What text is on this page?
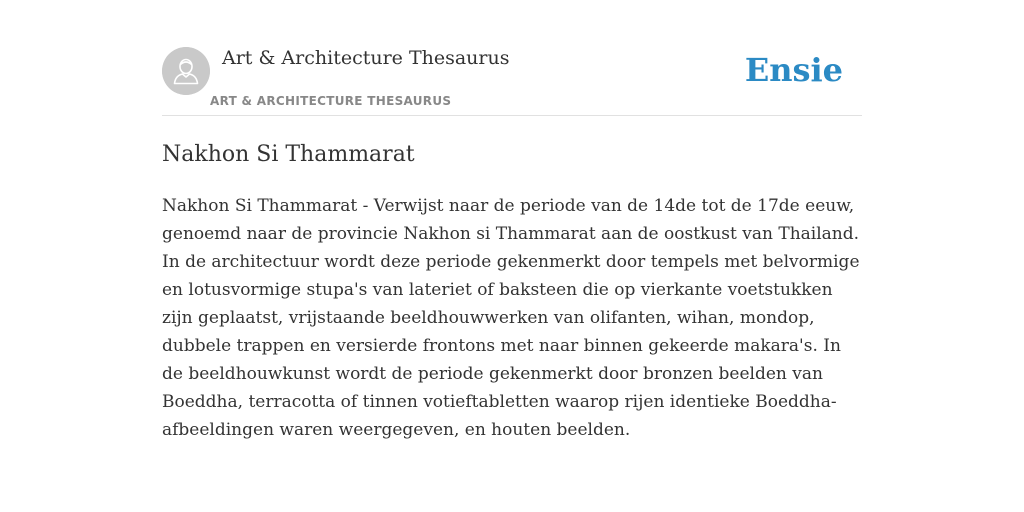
Art & Architecture Thesaurus
ART & ARCHITECTURE THESAURUS
Ensie
Nakhon Si Thammarat

Nakhon Si Thammarat - Verwijst naar de periode van de 14de tot de 17de eeuw, genoemd naar de provincie Nakhon si Thammarat aan de oostkust van Thailand. In de architectuur wordt deze periode gekenmerkt door tempels met belvormige en lotusvormige stupa's van lateriet of baksteen die op vierkante voetstukken zijn geplaatst, vrijstaande beeldhouwwerken van olifanten, wihan, mondop, dubbele trappen en versierde frontons met naar binnen gekeerde makara's. In de beeldhouwkunst wordt de periode gekenmerkt door bronzen beelden van Boeddha, terracotta of tinnen votieftabletten waarop rijen identieke Boeddha-afbeeldingen waren weergegeven, en houten beelden.
